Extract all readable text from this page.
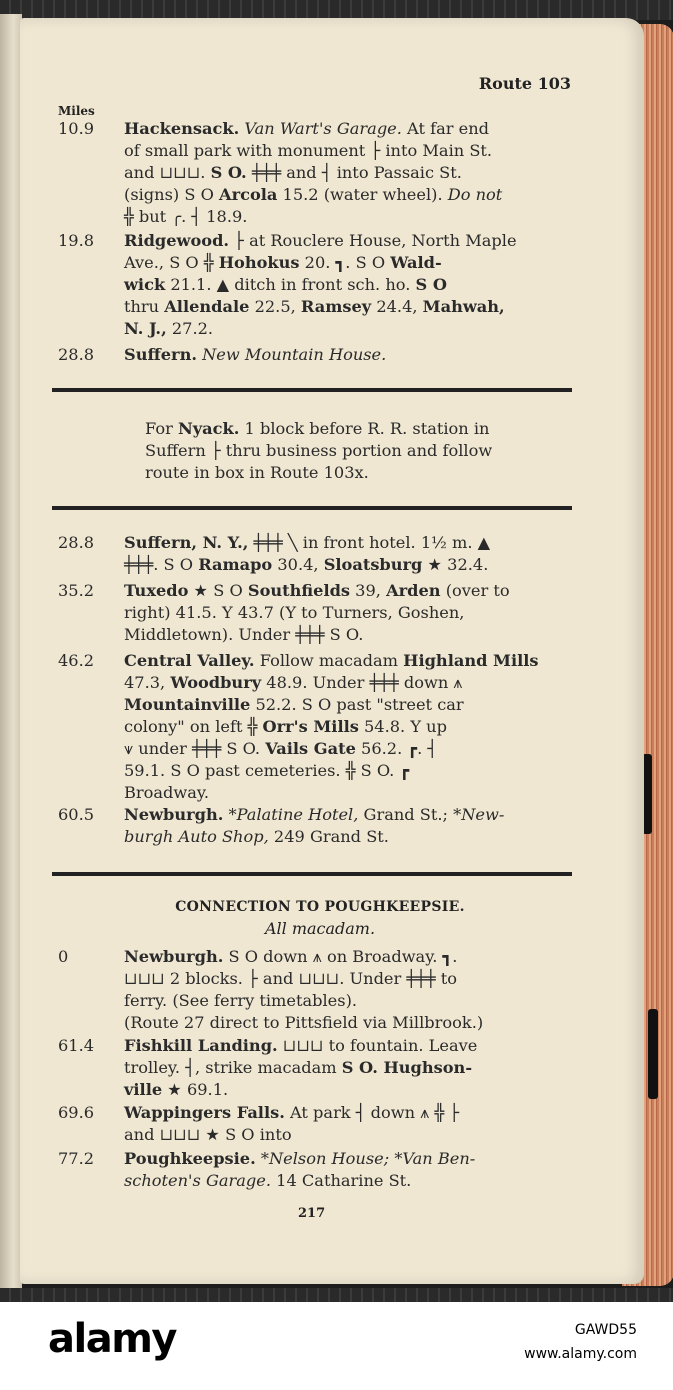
Route 103
Miles
10.9	Hackensack. Van Wart's Garage. At far end
of small park with monument ├ into Main St.
and ⊔⊔⊔. S O. ╪╪╪ and ┤ into Passaic St.
(signs) S O Arcola 15.2 (water wheel). Do not
╬ but ╭. ┤ 18.9.
19.8	Ridgewood. ├ at Rouclere House, North Maple
Ave., S O ╬ Hohokus 20. ┓. S O Wald-
wick 21.1. ▲ ditch in front sch. ho. S O
thru Allendale 22.5, Ramsey 24.4, Mahwah,
N. J., 27.2.
28.8	Suffern. New Mountain House.
For Nyack. 1 block before R. R. station in
Suffern ├ thru business portion and follow
route in box in Route 103x.
28.8	Suffern, N. Y., ╪╪╪ ╲ in front hotel. 1½ m. ▲
╪╪╪. S O Ramapo 30.4, Sloatsburg ★ 32.4.
35.2	Tuxedo ★ S O Southfields 39, Arden (over to
right) 41.5. Y 43.7 (Y to Turners, Goshen,
Middletown). Under ╪╪╪ S O.
46.2	Central Valley. Follow macadam Highland Mills
47.3, Woodbury 48.9. Under ╪╪╪ down ⩚
Mountainville 52.2. S O past "street car
colony" on left ╬ Orr's Mills 54.8. Y up
⩛ under ╪╪╪ S O. Vails Gate 56.2. ┏. ┤
59.1. S O past cemeteries. ╬ S O. ┏
Broadway.
60.5	Newburgh. *Palatine Hotel, Grand St.; *New-
burgh Auto Shop, 249 Grand St.
CONNECTION TO POUGHKEEPSIE.
All macadam.
0	Newburgh. S O down ⩚ on Broadway. ┓.
⊔⊔⊔ 2 blocks. ├ and ⊔⊔⊔. Under ╪╪╪ to
ferry. (See ferry timetables).
(Route 27 direct to Pittsfield via Millbrook.)
61.4	Fishkill Landing. ⊔⊔⊔ to fountain. Leave
trolley. ┤, strike macadam S O. Hughson-
ville ★ 69.1.
69.6	Wappingers Falls. At park ┤ down ⩚ ╬ ├
and ⊔⊔⊔ ★ S O into
77.2	Poughkeepsie. *Nelson House; *Van Ben-
schoten's Garage. 14 Catharine St.
217
alamy	GAWD55
www.alamy.com
